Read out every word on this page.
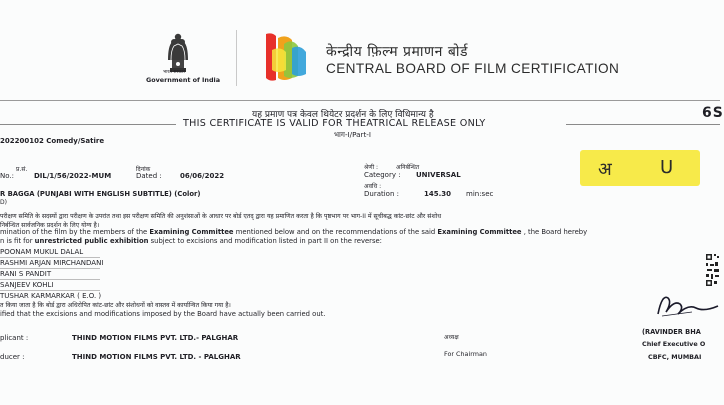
भारत सरकार
Government of India
केन्द्रीय फ़िल्म प्रमाणन बोर्ड
CENTRAL BOARD OF FILM CERTIFICATION
यह प्रमाण पत्र केवल थियेटर प्रदर्शन के लिए विधिमान्य है
THIS CERTIFICATE IS VALID FOR THEATRICAL RELEASE ONLY
भाग-I/Part-I
6S
202200102 Comedy/Satire
प्र.सं.
No.:	DIL/1/56/2022-MUM
दिनांक
Dated :	06/06/2022
श्रेणी :	अनिर्बन्धित
Category : UNIVERSAL
अवधि :
Duration :	145.30 min:sec
अ	U
R BAGGA (PUNJABI WITH ENGLISH SUBTITLE) (Color)
D)
परीक्षण समिति के सदस्यों द्वारा परीक्षण के उपरांत तथा इस परीक्षण समिति की अनुशंसाओं के आधार पर बोर्ड एतद् द्वारा यह प्रमाणित करता है कि पृष्ठभाग पर भाग-II में सूचीबद्ध कांट-छांट और संशोध
निर्बन्धित सार्वजनिक प्रदर्शन के लिए योग्य है।
mination of the film by the members of the Examining Committee mentioned below and on the recommendations of the said Examining Committee , the Board hereby
n is fit for unrestricted public exhibition subject to excisions and modification listed in part II on the reverse:
POONAM MUKUL DALAL
RASHMI ARJAN MIRCHANDANI
RANI S PANDIT
SANJEEV KOHLI
TUSHAR KARMARKAR ( E.O. )
त किया जाता है कि बोर्ड द्वारा अधिरोपित कांट-छांट और संशोधनों को वास्तव में कार्यान्वित किया गया है।
ified that the excisions and modifications imposed by the Board have actually been carried out.
plicant :	THIND MOTION FILMS PVT. LTD.- PALGHAR
ducer :	THIND MOTION FILMS PVT. LTD. - PALGHAR
अध्यक्ष
For Chairman
(RAVINDER BHA
Chief Executive O
CBFC, MUMBAI
